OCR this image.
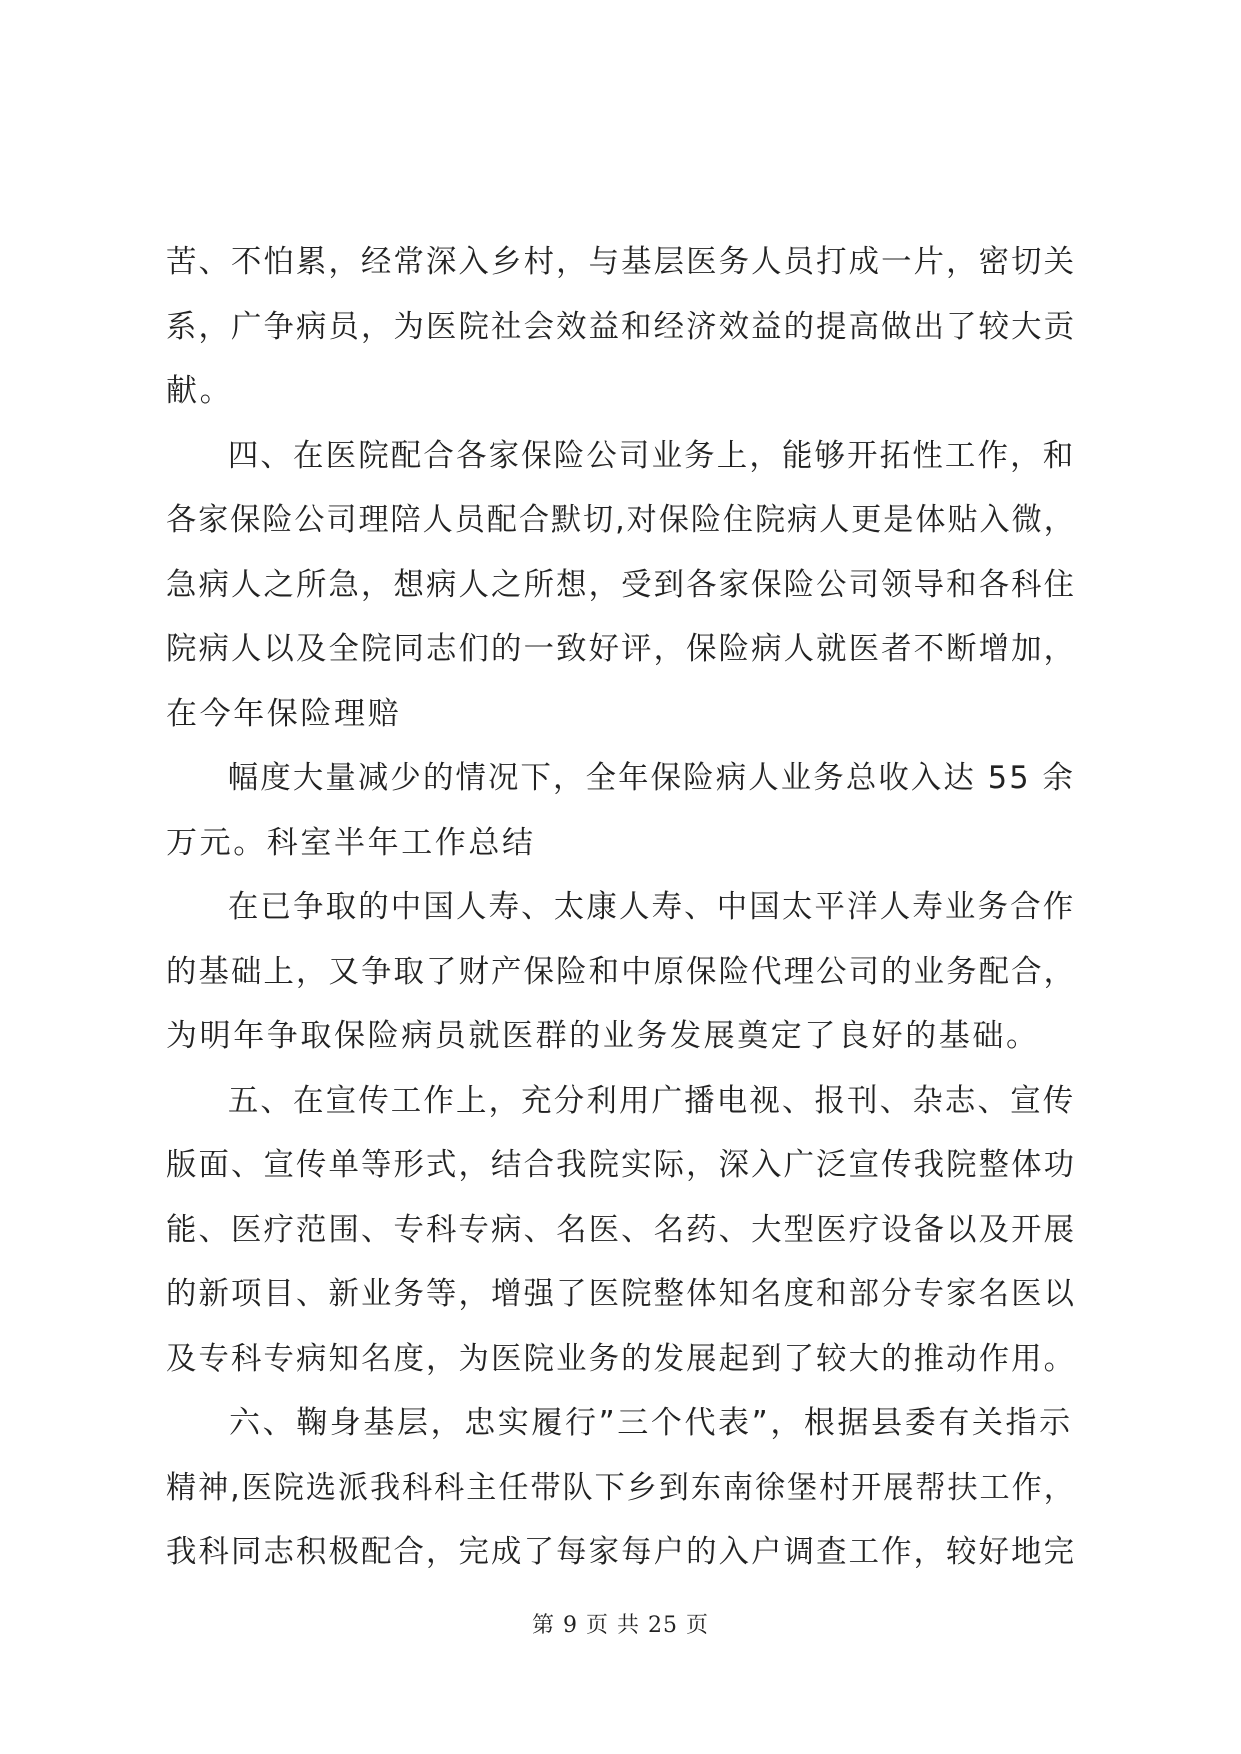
苦、不怕累，经常深入乡村，与基层医务人员打成一片，密切关
系，广争病员，为医院社会效益和经济效益的提高做出了较大贡
献。
四、在医院配合各家保险公司业务上，能够开拓性工作，和
各家保险公司理陪人员配合默切,对保险住院病人更是体贴入微，
急病人之所急，想病人之所想，受到各家保险公司领导和各科住
院病人以及全院同志们的一致好评，保险病人就医者不断增加，
在今年保险理赔
幅度大量减少的情况下，全年保险病人业务总收入达 55 余
万元。科室半年工作总结
在已争取的中国人寿、太康人寿、中国太平洋人寿业务合作
的基础上，又争取了财产保险和中原保险代理公司的业务配合，
为明年争取保险病员就医群的业务发展奠定了良好的基础。
五、在宣传工作上，充分利用广播电视、报刊、杂志、宣传
版面、宣传单等形式，结合我院实际，深入广泛宣传我院整体功
能、医疗范围、专科专病、名医、名药、大型医疗设备以及开展
的新项目、新业务等，增强了医院整体知名度和部分专家名医以
及专科专病知名度，为医院业务的发展起到了较大的推动作用。
六、鞠身基层，忠实履行”三个代表”，根据县委有关指示
精神,医院选派我科科主任带队下乡到东南徐堡村开展帮扶工作，
我科同志积极配合，完成了每家每户的入户调查工作，较好地完
第 9 页 共 25 页
